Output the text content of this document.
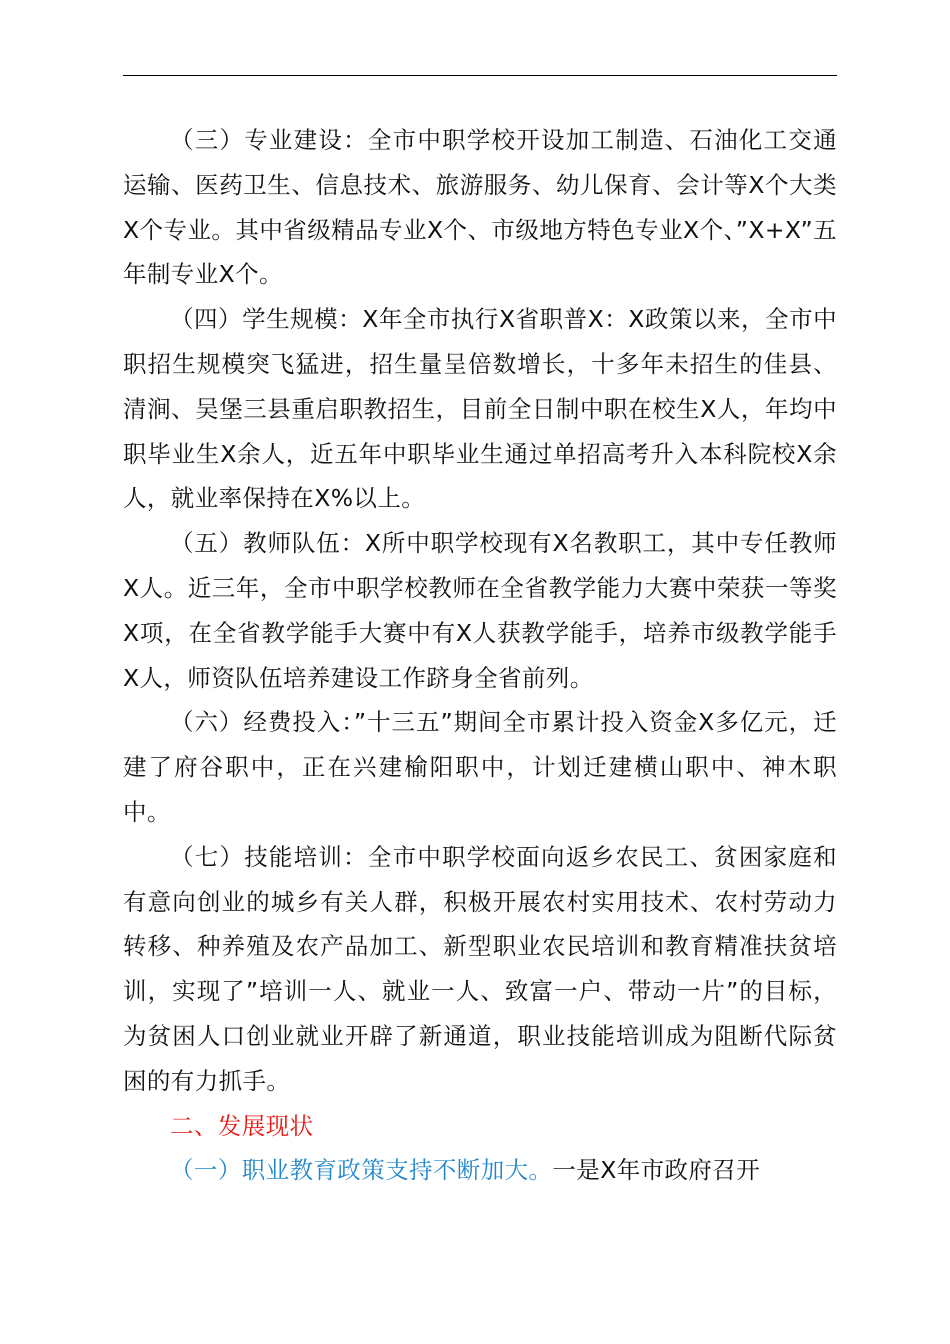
（三）专业建设：全市中职学校开设加工制造、石油化工交通运输、医药卫生、信息技术、旅游服务、幼儿保育、会计等X个大类X个专业。其中省级精品专业X个、市级地方特色专业X个、”X+X”五年制专业X个。

（四）学生规模：X年全市执行X省职普X：X政策以来，全市中职招生规模突飞猛进，招生量呈倍数增长，十多年未招生的佳县、清涧、吴堡三县重启职教招生，目前全日制中职在校生X人，年均中职毕业生X余人，近五年中职毕业生通过单招高考升入本科院校X余人，就业率保持在X%以上。

（五）教师队伍：X所中职学校现有X名教职工，其中专任教师X人。近三年，全市中职学校教师在全省教学能力大赛中荣获一等奖X项，在全省教学能手大赛中有X人获教学能手，培养市级教学能手X人，师资队伍培养建设工作跻身全省前列。

（六）经费投入：”十三五”期间全市累计投入资金X多亿元，迁建了府谷职中，正在兴建榆阳职中，计划迁建横山职中、神木职中。

（七）技能培训：全市中职学校面向返乡农民工、贫困家庭和有意向创业的城乡有关人群，积极开展农村实用技术、农村劳动力转移、种养殖及农产品加工、新型职业农民培训和教育精准扶贫培训，实现了”培训一人、就业一人、致富一户、带动一片”的目标，为贫困人口创业就业开辟了新通道，职业技能培训成为阻断代际贫困的有力抓手。

二、发展现状

（一）职业教育政策支持不断加大。一是X年市政府召开
